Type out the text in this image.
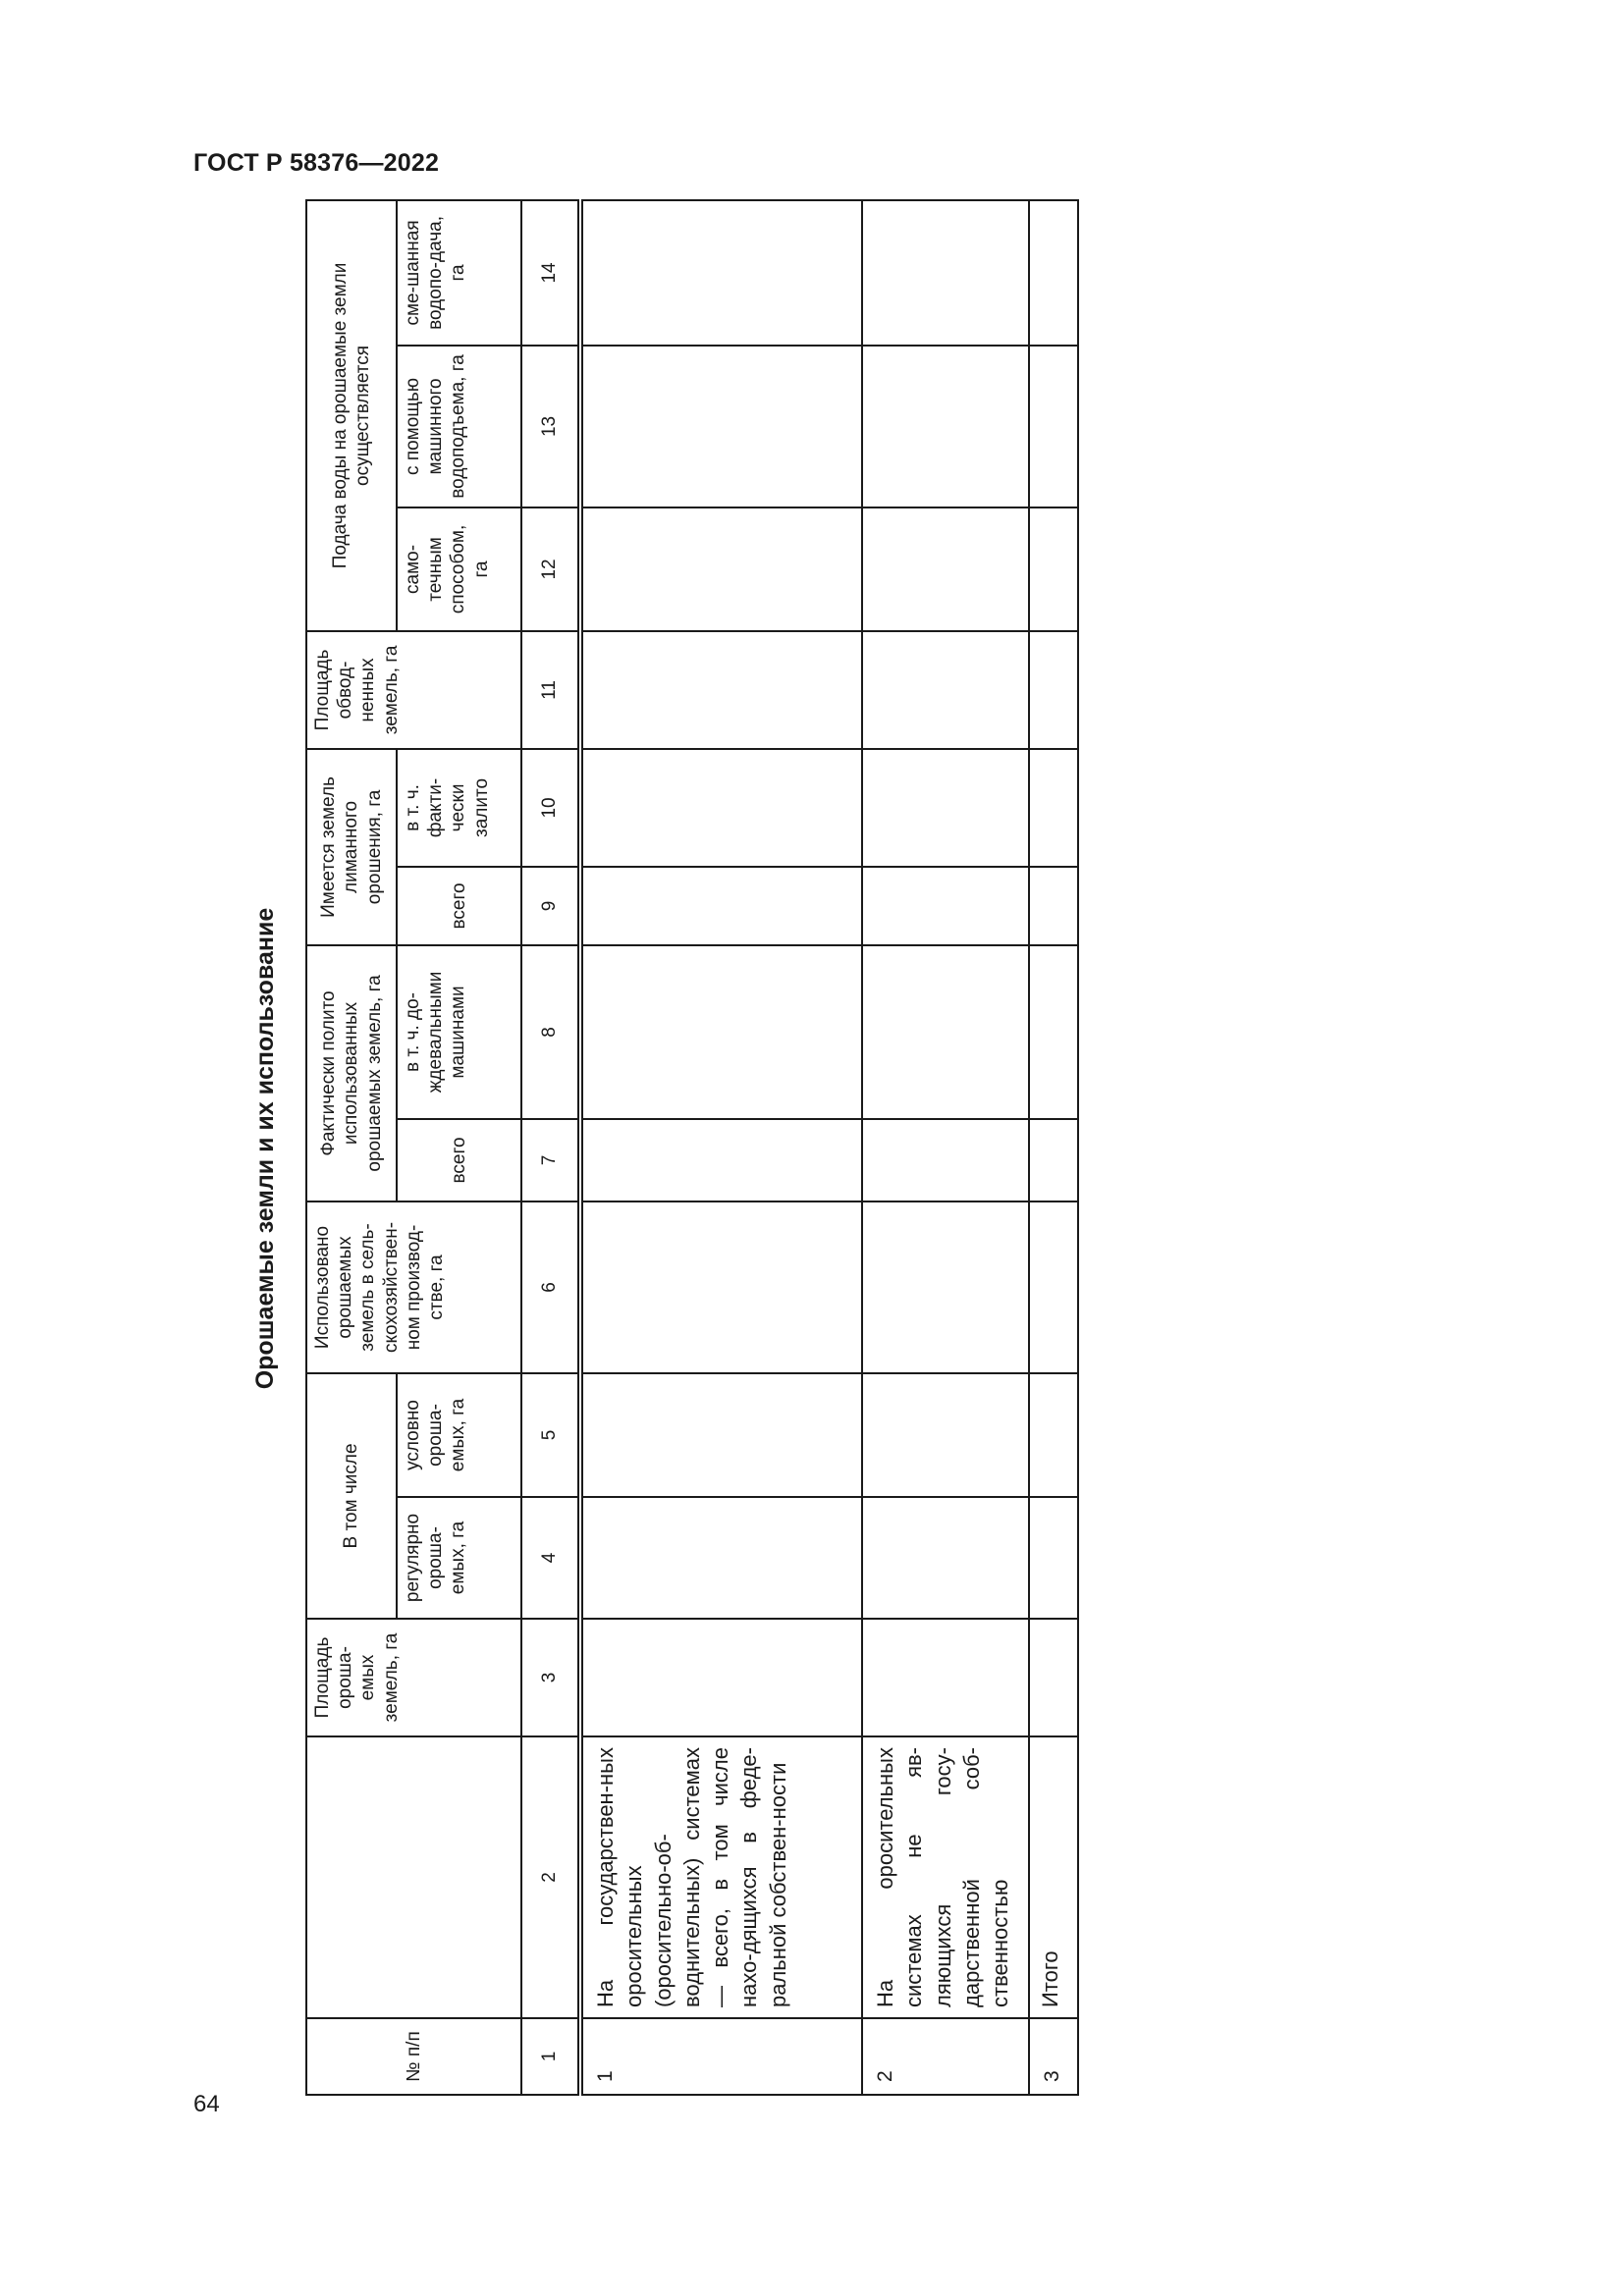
ГОСТ Р 58376—2022
64
Орошаемые земли и их использование
№ п/п		Площадь ороша-емых земель, га	В том числе		Использовано орошаемых земель в сель-скохозяйствен-ном производ-стве, га	Фактически полито использованных орошаемых земель, га		Имеется земель лиманного орошения, га		Площадь обвод-ненных земель, га	Подача воды на орошаемые земли осуществляется		
			регулярно ороша-емых, га	условно ороша-емых, га		всего	в т. ч. до-ждевальными машинами	всего	в т. ч. факти-чески залито		само-течным способом, га	с помощью машинного водоподъема, га	сме-шанная водопо-дача, га
1	2	3	4	5	6	7	8	9	10	11	12	13	14
1	На государствен-ных оросительных (оросительно-об-воднительных) системах — всего, в том числе нахо-дящихся в феде-ральной собствен-ности												
2	На оросительных системах не яв-ляющихся госу-дарственной соб-ственностью												
3	Итого												
